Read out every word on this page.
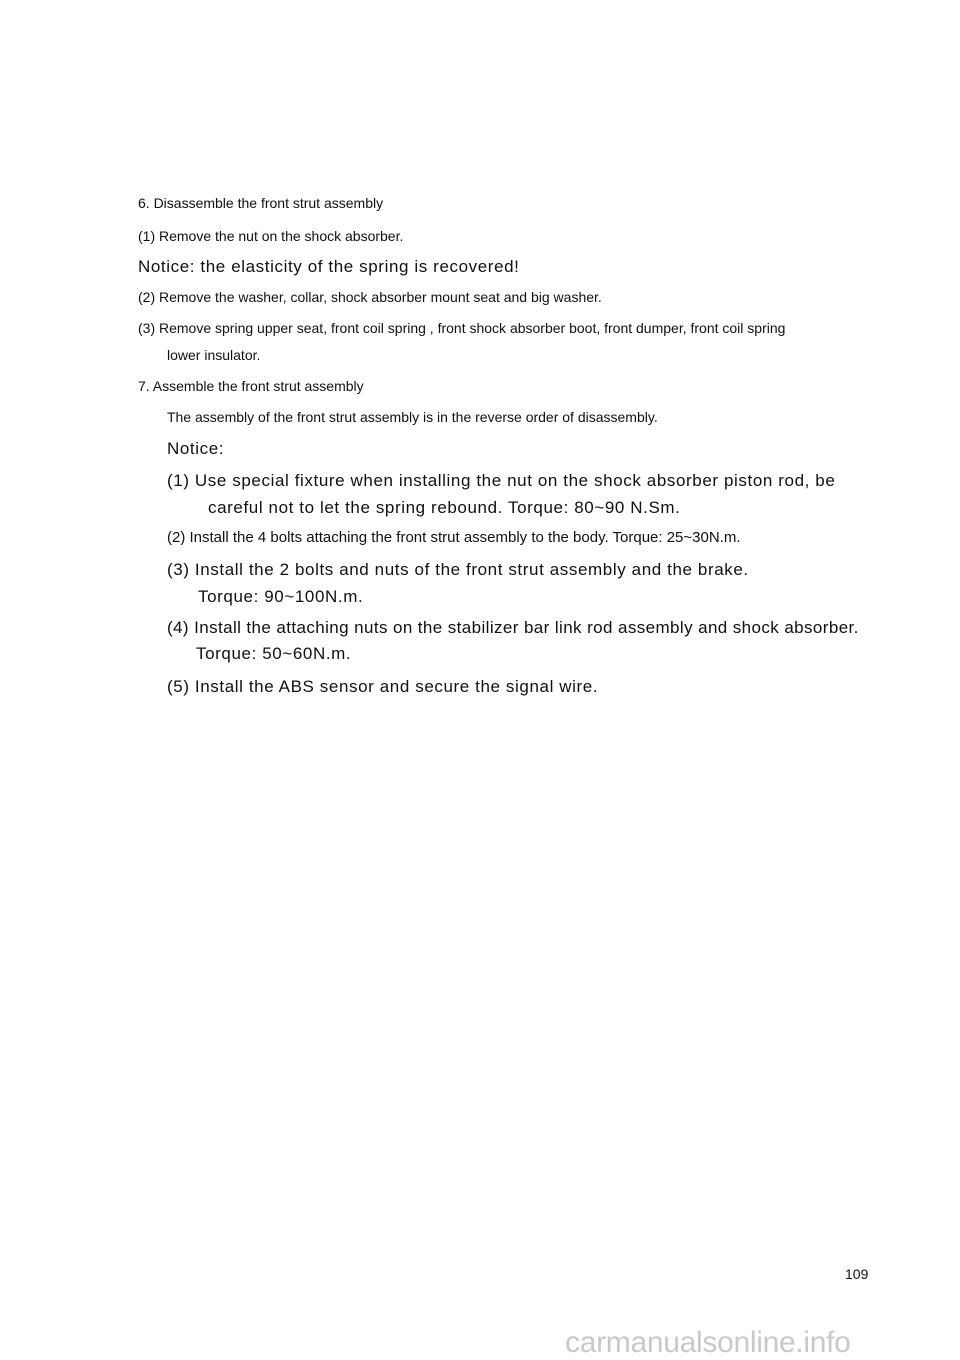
6. Disassemble the front strut assembly
(1) Remove the nut on the shock absorber.
Notice: the elasticity of the spring is recovered!
(2) Remove the washer, collar, shock absorber mount seat and big washer.
(3) Remove spring upper seat, front coil spring , front shock absorber boot, front dumper, front coil spring
lower insulator.
7. Assemble the front strut assembly
The assembly of the front strut assembly is in the reverse order of disassembly.
Notice:
(1) Use special fixture when installing the nut on the shock absorber piston rod, be
careful not to let the spring rebound. Torque: 80~90 N.Sm.
(2) Install the 4 bolts attaching the front strut assembly to the body. Torque: 25~30N.m.
(3) Install the 2 bolts and nuts of the front strut assembly and the brake.
Torque: 90~100N.m.
(4) Install the attaching nuts on the stabilizer bar link rod assembly and shock absorber.
Torque: 50~60N.m.
(5) Install the ABS sensor and secure the signal wire.
109
carmanualsonline.info
